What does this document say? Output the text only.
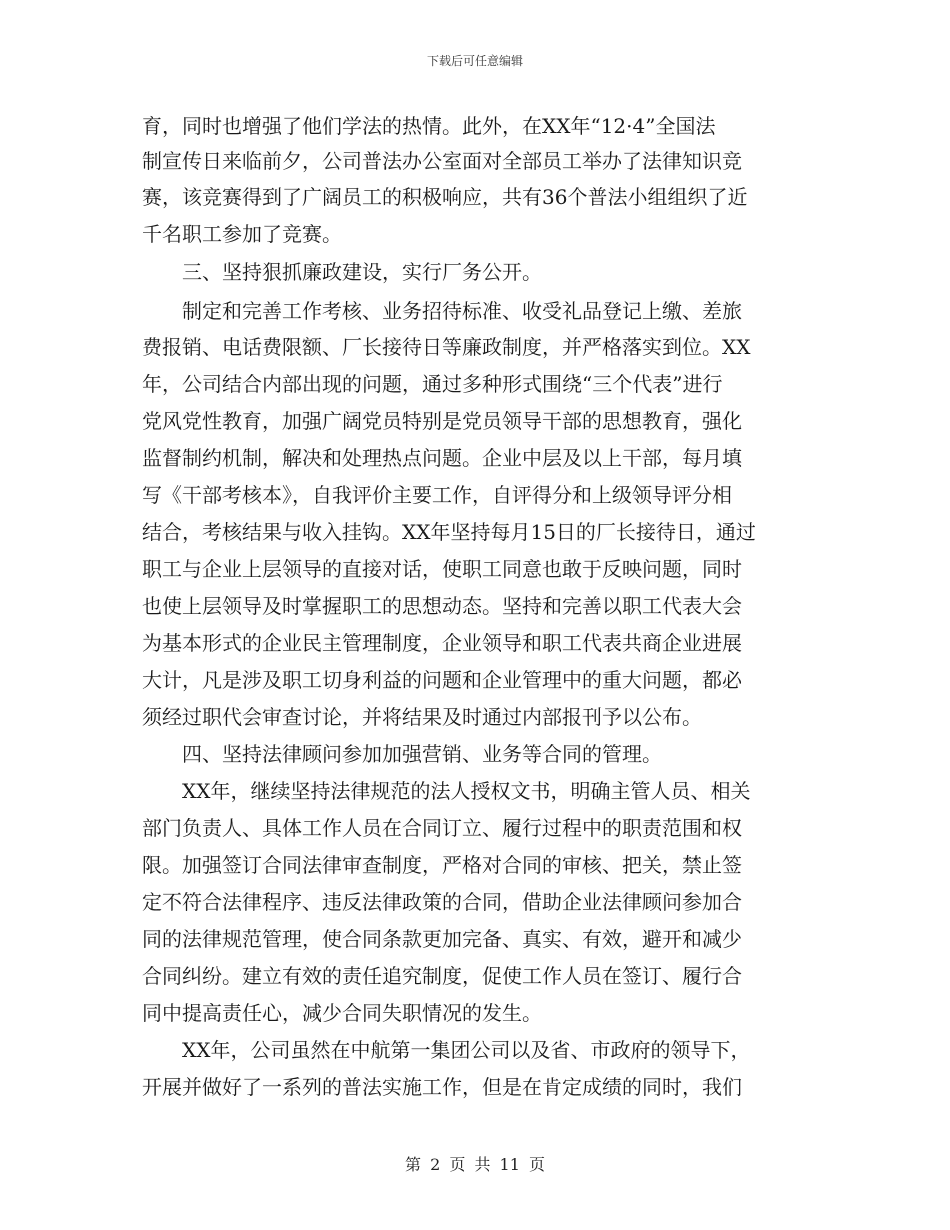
下载后可任意编辑
育，同时也增强了他们学法的热情。此外，在XX年“12·4”全国法
制宣传日来临前夕，公司普法办公室面对全部员工举办了法律知识竞
赛，该竞赛得到了广阔员工的积极响应，共有36个普法小组组织了近
千名职工参加了竞赛。
三、坚持狠抓廉政建设，实行厂务公开。
制定和完善工作考核、业务招待标准、收受礼品登记上缴、差旅
费报销、电话费限额、厂长接待日等廉政制度，并严格落实到位。XX
年，公司结合内部出现的问题，通过多种形式围绕“三个代表”进行
党风党性教育，加强广阔党员特别是党员领导干部的思想教育，强化
监督制约机制，解决和处理热点问题。企业中层及以上干部，每月填
写《干部考核本》，自我评价主要工作，自评得分和上级领导评分相
结合，考核结果与收入挂钩。XX年坚持每月15日的厂长接待日，通过
职工与企业上层领导的直接对话，使职工同意也敢于反映问题，同时
也使上层领导及时掌握职工的思想动态。坚持和完善以职工代表大会
为基本形式的企业民主管理制度，企业领导和职工代表共商企业进展
大计，凡是涉及职工切身利益的问题和企业管理中的重大问题，都必
须经过职代会审查讨论，并将结果及时通过内部报刊予以公布。
四、坚持法律顾问参加加强营销、业务等合同的管理。
XX年，继续坚持法律规范的法人授权文书，明确主管人员、相关
部门负责人、具体工作人员在合同订立、履行过程中的职责范围和权
限。加强签订合同法律审查制度，严格对合同的审核、把关，禁止签
定不符合法律程序、违反法律政策的合同，借助企业法律顾问参加合
同的法律规范管理，使合同条款更加完备、真实、有效，避开和减少
合同纠纷。建立有效的责任追究制度，促使工作人员在签订、履行合
同中提高责任心，减少合同失职情况的发生。
XX年，公司虽然在中航第一集团公司以及省、市政府的领导下，
开展并做好了一系列的普法实施工作，但是在肯定成绩的同时，我们
第 2 页 共 11 页
